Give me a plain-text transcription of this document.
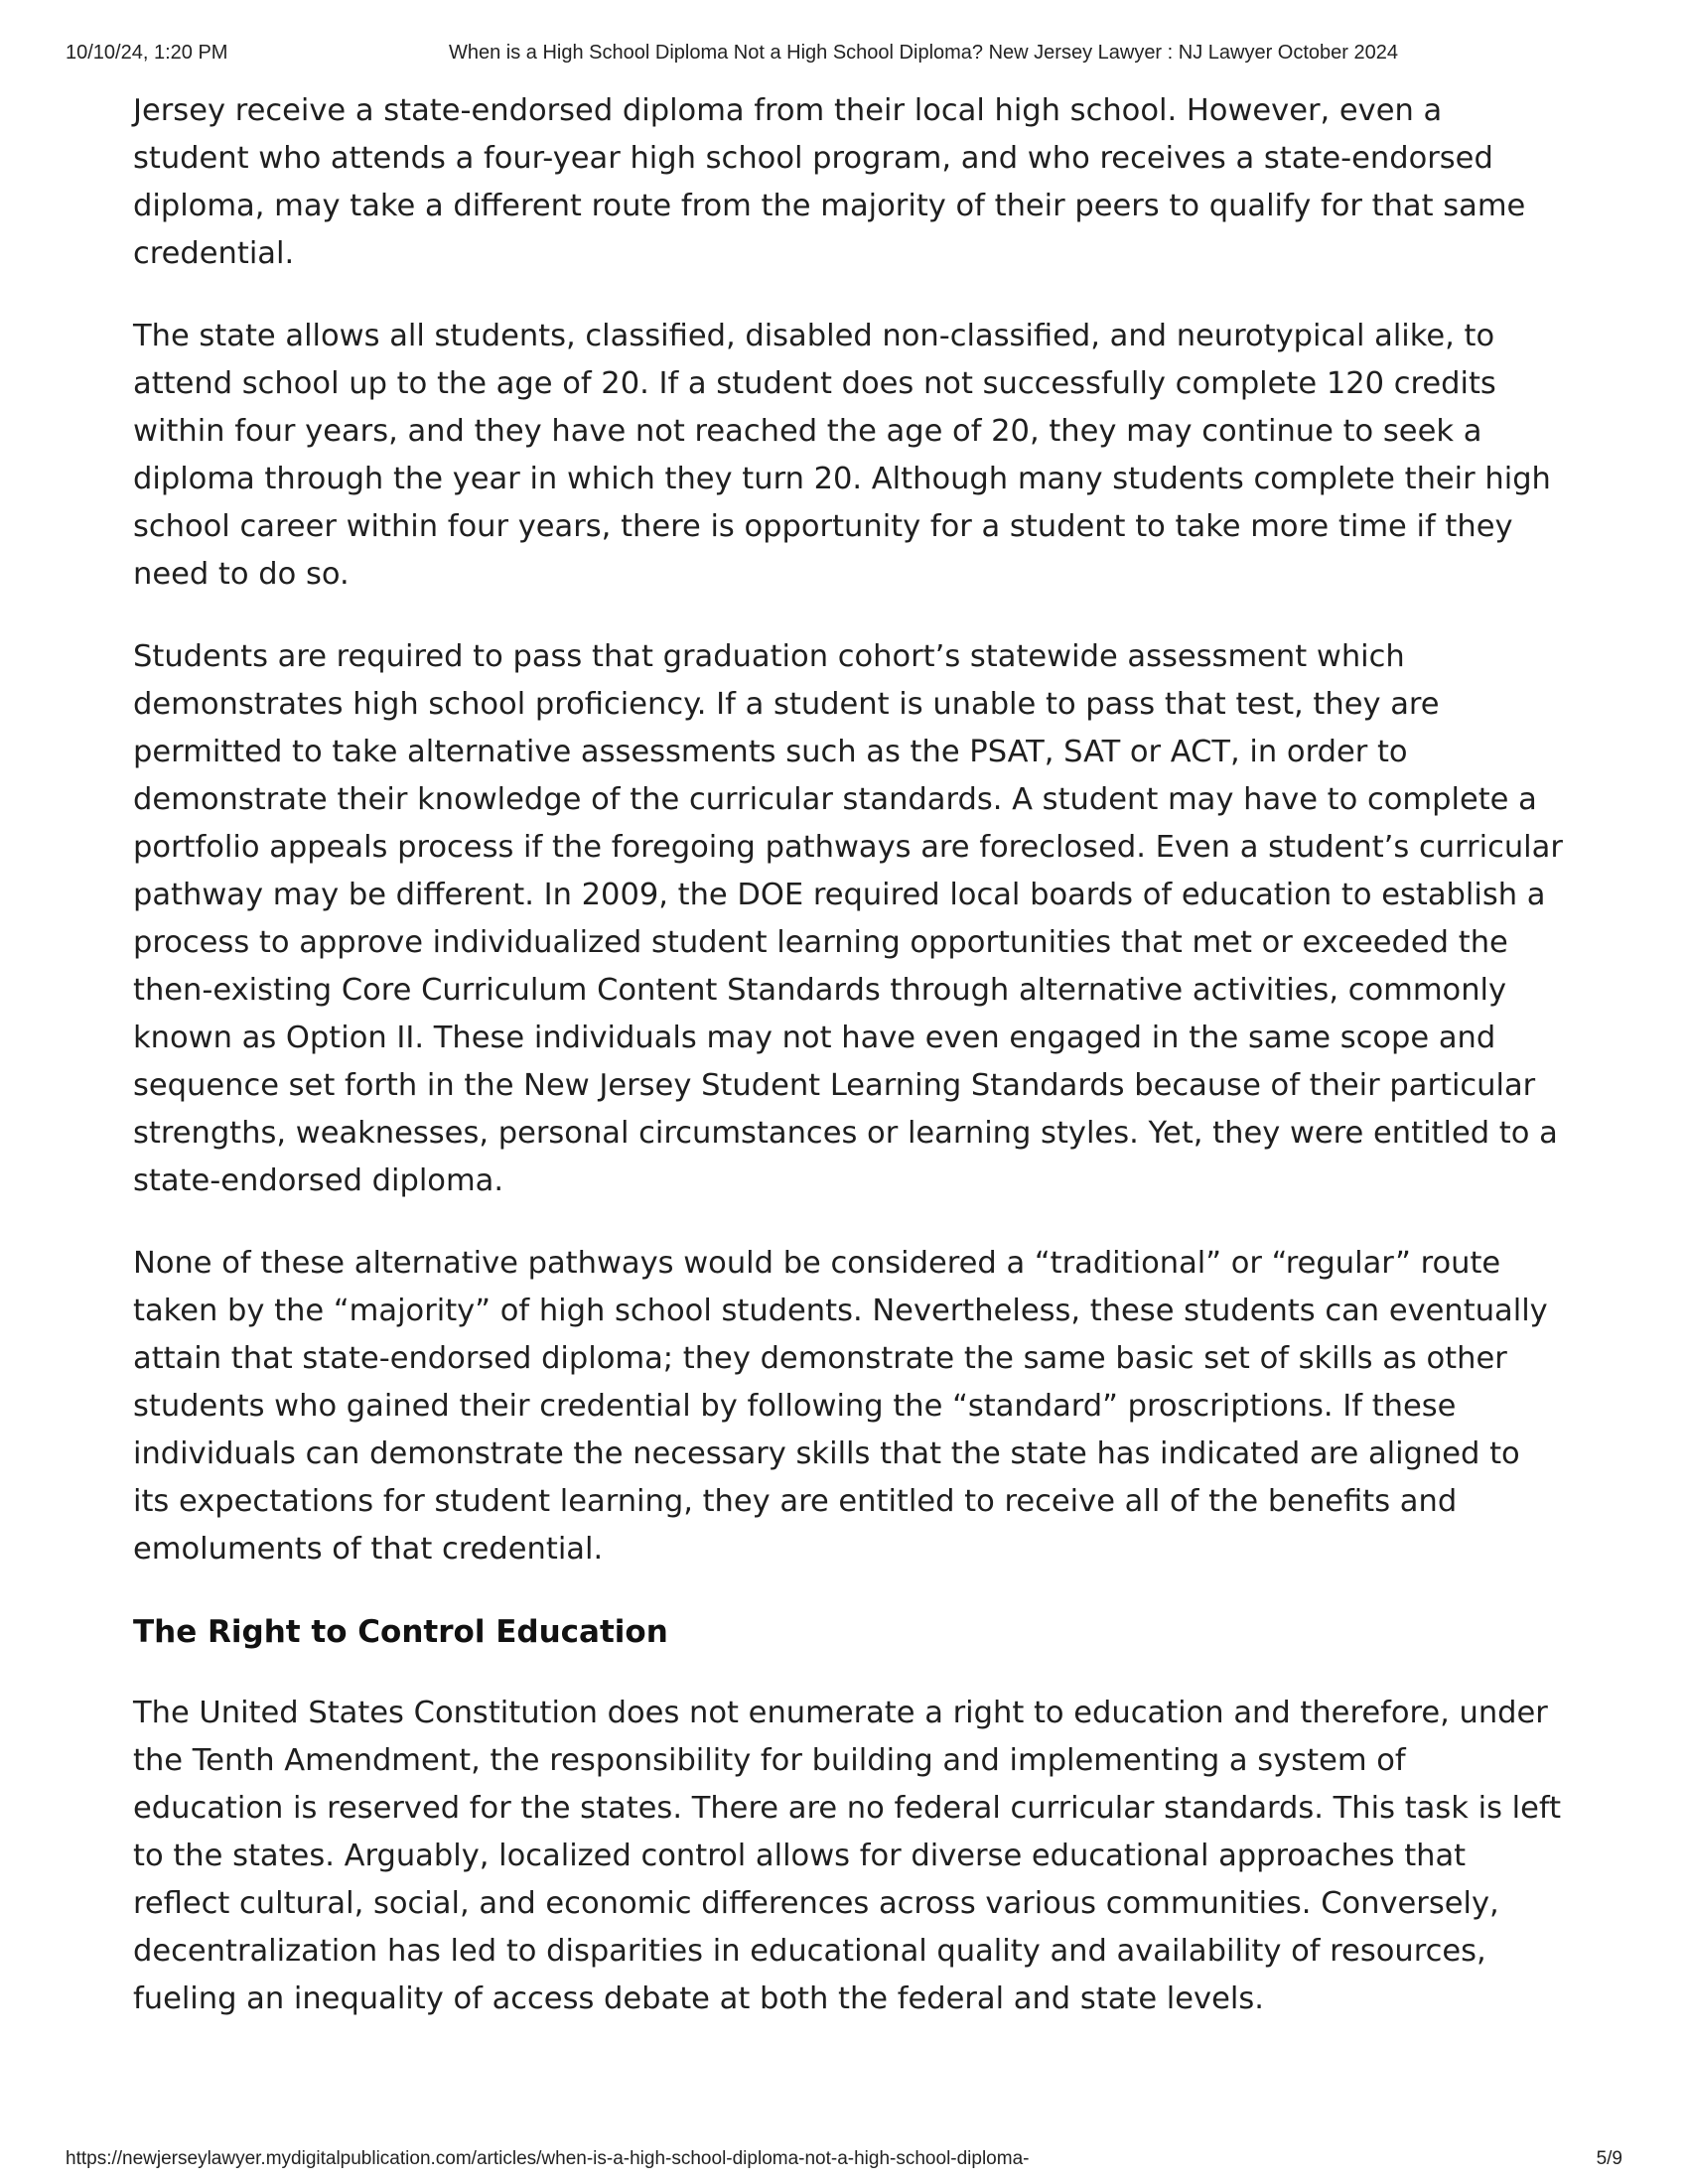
10/10/24, 1:20 PM	When is a High School Diploma Not a High School Diploma? New Jersey Lawyer : NJ Lawyer October 2024

Jersey receive a state-endorsed diploma from their local high school. However, even a student who attends a four-year high school program, and who receives a state-endorsed diploma, may take a different route from the majority of their peers to qualify for that same credential.

The state allows all students, classified, disabled non-classified, and neurotypical alike, to attend school up to the age of 20. If a student does not successfully complete 120 credits within four years, and they have not reached the age of 20, they may continue to seek a diploma through the year in which they turn 20. Although many students complete their high school career within four years, there is opportunity for a student to take more time if they need to do so.

Students are required to pass that graduation cohort’s statewide assessment which demonstrates high school proficiency. If a student is unable to pass that test, they are permitted to take alternative assessments such as the PSAT, SAT or ACT, in order to demonstrate their knowledge of the curricular standards. A student may have to complete a portfolio appeals process if the foregoing pathways are foreclosed. Even a student’s curricular pathway may be different. In 2009, the DOE required local boards of education to establish a process to approve individualized student learning opportunities that met or exceeded the then-existing Core Curriculum Content Standards through alternative activities, commonly known as Option II. These individuals may not have even engaged in the same scope and sequence set forth in the New Jersey Student Learning Standards because of their particular strengths, weaknesses, personal circumstances or learning styles. Yet, they were entitled to a state-endorsed diploma.

None of these alternative pathways would be considered a “traditional” or “regular” route taken by the “majority” of high school students. Nevertheless, these students can eventually attain that state-endorsed diploma; they demonstrate the same basic set of skills as other students who gained their credential by following the “standard” proscriptions. If these individuals can demonstrate the necessary skills that the state has indicated are aligned to its expectations for student learning, they are entitled to receive all of the benefits and emoluments of that credential.

The Right to Control Education

The United States Constitution does not enumerate a right to education and therefore, under the Tenth Amendment, the responsibility for building and implementing a system of education is reserved for the states. There are no federal curricular standards. This task is left to the states. Arguably, localized control allows for diverse educational approaches that reflect cultural, social, and economic differences across various communities. Conversely, decentralization has led to disparities in educational quality and availability of resources, fueling an inequality of access debate at both the federal and state levels.

https://newjerseylawyer.mydigitalpublication.com/articles/when-is-a-high-school-diploma-not-a-high-school-diploma-	5/9
